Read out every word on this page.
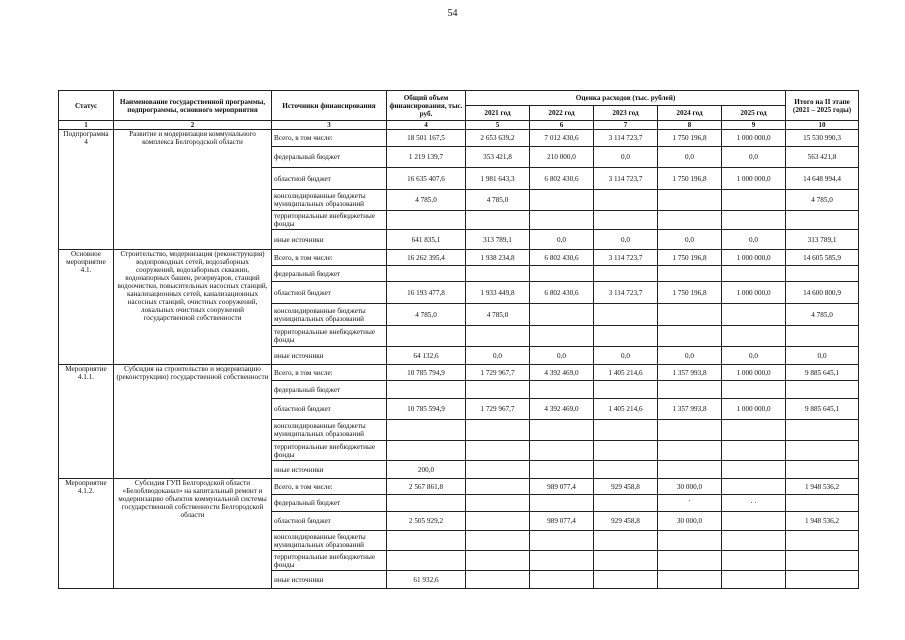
54
Статус	Наименование государственной программы, подпрограммы, основного мероприятия	Источники финансирования	Общий объем финансирования, тыс. руб.	Оценка расходов (тыс. рублей)					Итого на II этапе (2021 – 2025 годы)
				2021 год	2022 год	2023 год	2024 год	2025 год	
1	2	3	4	5	6	7	8	9	10
Подпрограмма 4	Развитие и модернизация коммунального комплекса Белгородской области	Всего, в том числе:	18 501 167,5	2 653 639,2	7 012 430,6	3 114 723,7	1 750 196,8	1 000 000,0	15 530 990,3
		федеральный бюджет	1 219 139,7	353 421,8	210 000,0	0,0	0,0	0,0	563 421,8
		областной бюджет	16 635 407,6	1 981 643,3	6 802 430,6	3 114 723,7	1 750 196,8	1 000 000,0	14 648 994,4
		консолидированные бюджеты муниципальных образований	4 785,0	4 785,0					4 785,0
		территориальные внебюджетные фонды							
		иные источники	641 835,1	313 789,1	0,0	0,0	0,0	0,0	313 789,1
Основное мероприятие 4.1.	Строительство, модернизация (реконструкция) водопроводных сетей, водозаборных сооружений, водозаборных скважин, водонапорных башен, резервуаров, станций водоочистки, повысительных насосных станций, канализационных сетей, канализационных насосных станций, очистных сооружений, локальных очистных сооружений государственной собственности	Всего, в том числе:	16 262 395,4	1 938 234,8	6 802 430,6	3 114 723,7	1 750 196,8	1 000 000,0	14 605 585,9
		федеральный бюджет							
		областной бюджет	16 193 477,8	1 933 449,8	6 802 430,6	3 114 723,7	1 750 196,8	1 000 000,0	14 600 800,9
		консолидированные бюджеты муниципальных образований	4 785,0	4 785,0					4 785,0
		территориальные внебюджетные фонды							
		иные источники	64 132,6	0,0	0,0	0,0	0,0	0,0	0,0
Мероприятие 4.1.1.	Субсидия на строительство и модернизацию (реконструкцию) государственной собственности	Всего, в том числе:	10 785 794,9	1 729 967,7	4 392 469,0	1 405 214,6	1 357 993,8	1 000 000,0	9 885 645,1
		федеральный бюджет							
		областной бюджет	10 785 594,9	1 729 967,7	4 392 469,0	1 405 214,6	1 357 993,8	1 000 000,0	9 885 645,1
		консолидированные бюджеты муниципальных образований							
		территориальные внебюджетные фонды							
		иные источники	200,0						
Мероприятие 4.1.2.	Субсидия ГУП Белгородской области «Белоблводоканал» на капитальный ремонт и модернизацию объектов коммунальной системы государственной собственности Белгородской области	Всего, в том числе:	2 567 861,8		989 077,4	929 458,8	30 000,0		1 948 536,2
		федеральный бюджет					`	· ·	
		областной бюджет	2 505 929,2		989 077,4	929 458,8	30 000,0		1 948 536,2
		консолидированные бюджеты муниципальных образований							
		территориальные внебюджетные фонды							
		иные источники	61 932,6						
